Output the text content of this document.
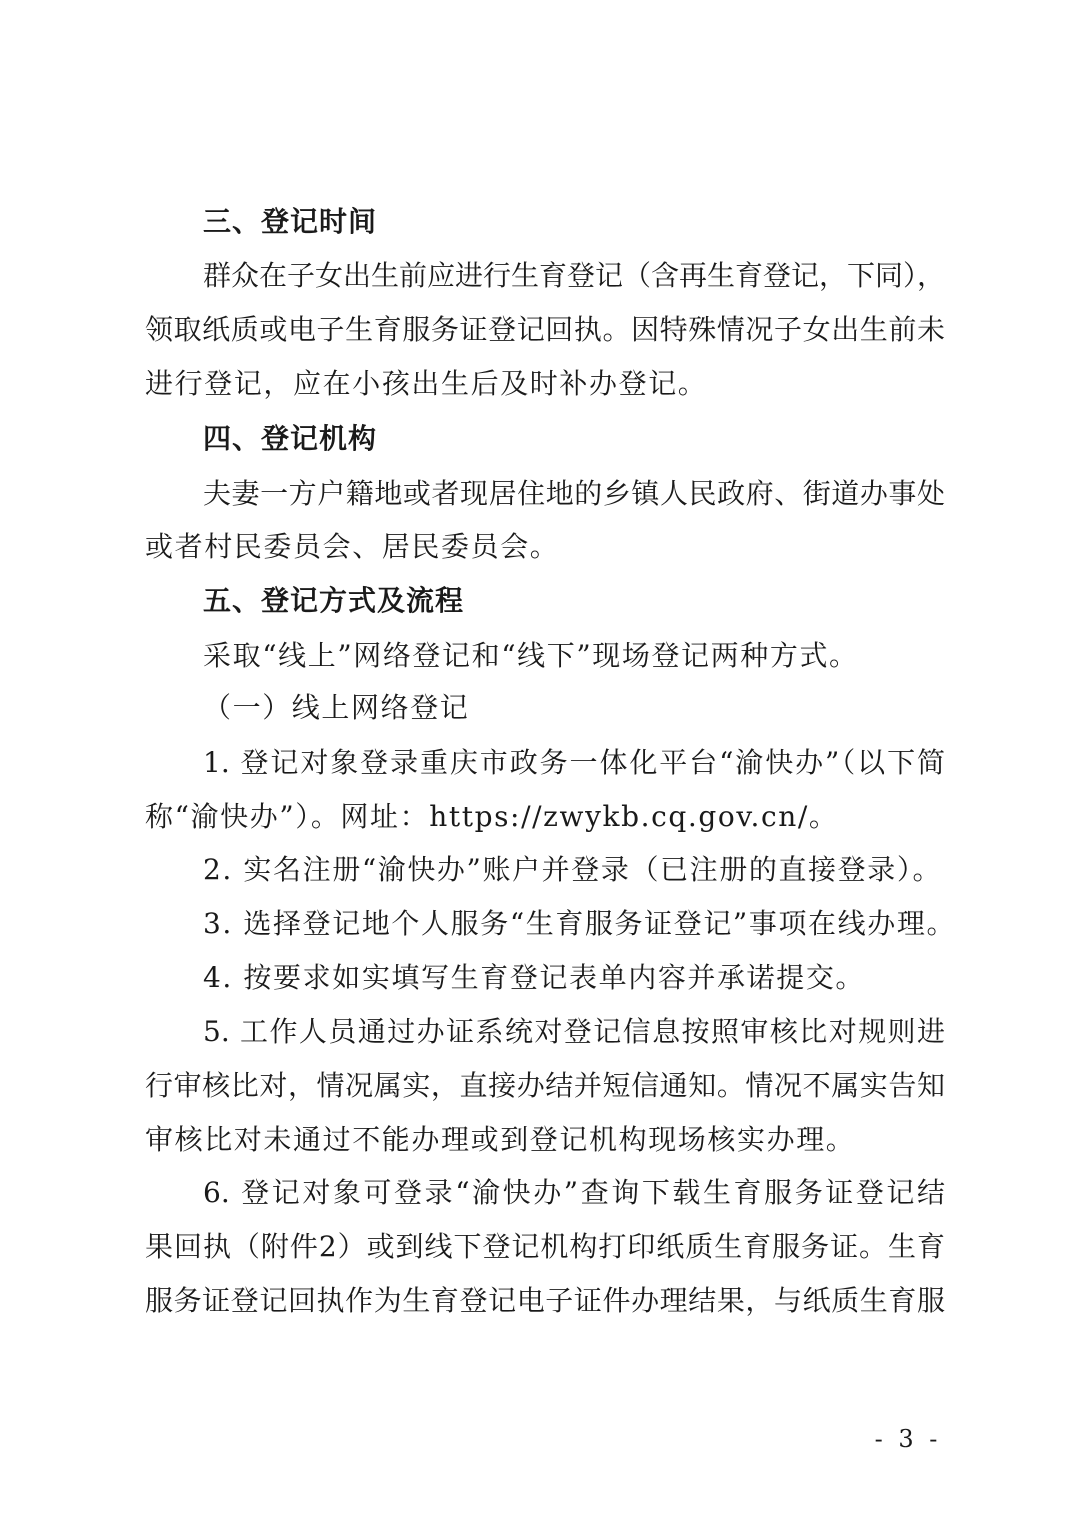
三、登记时间
群众在子女出生前应进行生育登记（含再生育登记，下同），
领取纸质或电子生育服务证登记回执。因特殊情况子女出生前未
进行登记，应在小孩出生后及时补办登记。
四、登记机构
夫妻一方户籍地或者现居住地的乡镇人民政府、街道办事处
或者村民委员会、居民委员会。
五、登记方式及流程
采取“线上”网络登记和“线下”现场登记两种方式。
（一）线上网络登记
1. 登记对象登录重庆市政务一体化平台“渝快办”（以下简
称“渝快办”）。网址：https://zwykb.cq.gov.cn/。
2. 实名注册“渝快办”账户并登录（已注册的直接登录）。
3. 选择登记地个人服务“生育服务证登记”事项在线办理。
4. 按要求如实填写生育登记表单内容并承诺提交。
5. 工作人员通过办证系统对登记信息按照审核比对规则进
行审核比对，情况属实，直接办结并短信通知。情况不属实告知
审核比对未通过不能办理或到登记机构现场核实办理。
6. 登记对象可登录“渝快办”查询下载生育服务证登记结
果回执（附件2）或到线下登记机构打印纸质生育服务证。生育
服务证登记回执作为生育登记电子证件办理结果，与纸质生育服
- 3 -
